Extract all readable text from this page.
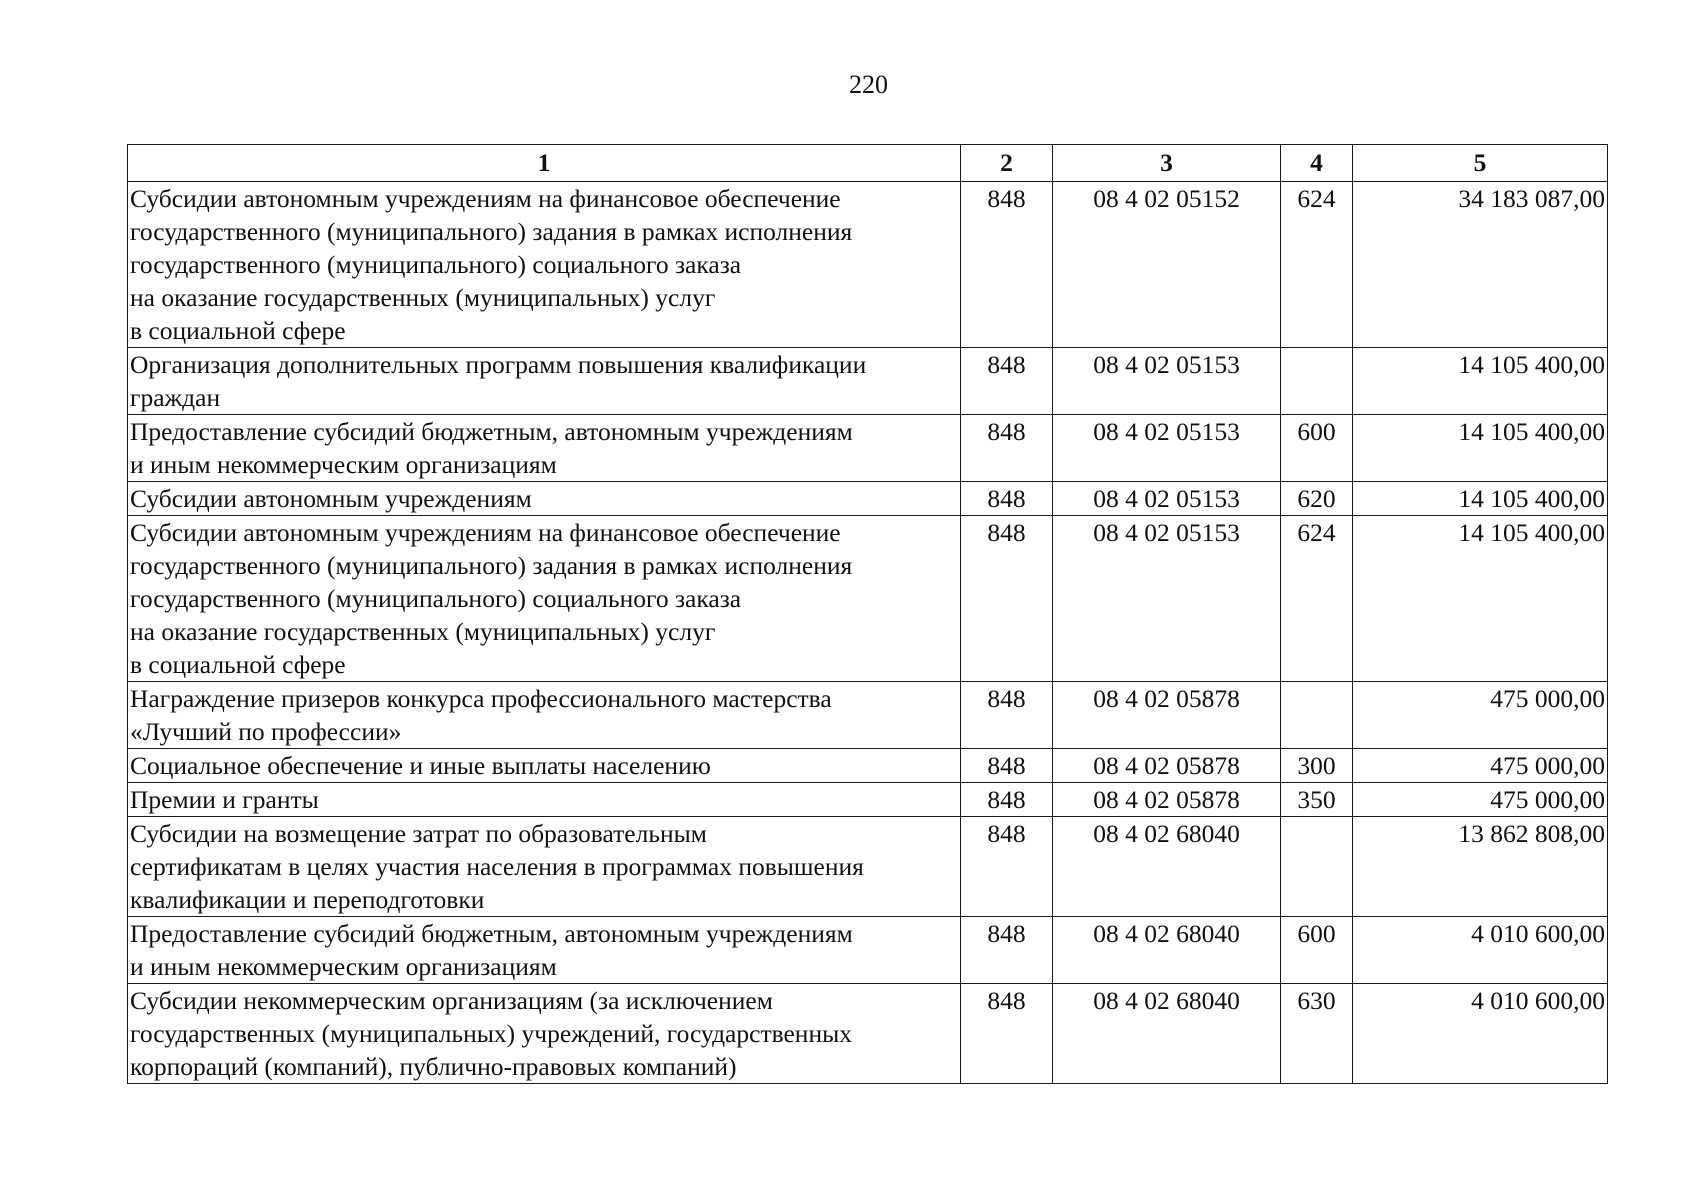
220
1	2	3	4	5

Субсидии автономным учреждениям на финансовое обеспечение
государственного (муниципального) задания в рамках исполнения
государственного (муниципального) социального заказа
на оказание государственных (муниципальных) услуг
в социальной сфере	848	08 4 02 05152	624	34 183 087,00

Организация дополнительных программ повышения квалификации
граждан	848	08 4 02 05153		14 105 400,00

Предоставление субсидий бюджетным, автономным учреждениям
и иным некоммерческим организациям	848	08 4 02 05153	600	14 105 400,00

Субсидии автономным учреждениям	848	08 4 02 05153	620	14 105 400,00

Субсидии автономным учреждениям на финансовое обеспечение
государственного (муниципального) задания в рамках исполнения
государственного (муниципального) социального заказа
на оказание государственных (муниципальных) услуг
в социальной сфере	848	08 4 02 05153	624	14 105 400,00

Награждение призеров конкурса профессионального мастерства
«Лучший по профессии»	848	08 4 02 05878		475 000,00

Социальное обеспечение и иные выплаты населению	848	08 4 02 05878	300	475 000,00

Премии и гранты	848	08 4 02 05878	350	475 000,00

Субсидии на возмещение затрат по образовательным
сертификатам в целях участия населения в программах повышения
квалификации и переподготовки	848	08 4 02 68040		13 862 808,00

Предоставление субсидий бюджетным, автономным учреждениям
и иным некоммерческим организациям	848	08 4 02 68040	600	4 010 600,00

Субсидии некоммерческим организациям (за исключением
государственных (муниципальных) учреждений, государственных
корпораций (компаний), публично-правовых компаний)	848	08 4 02 68040	630	4 010 600,00
